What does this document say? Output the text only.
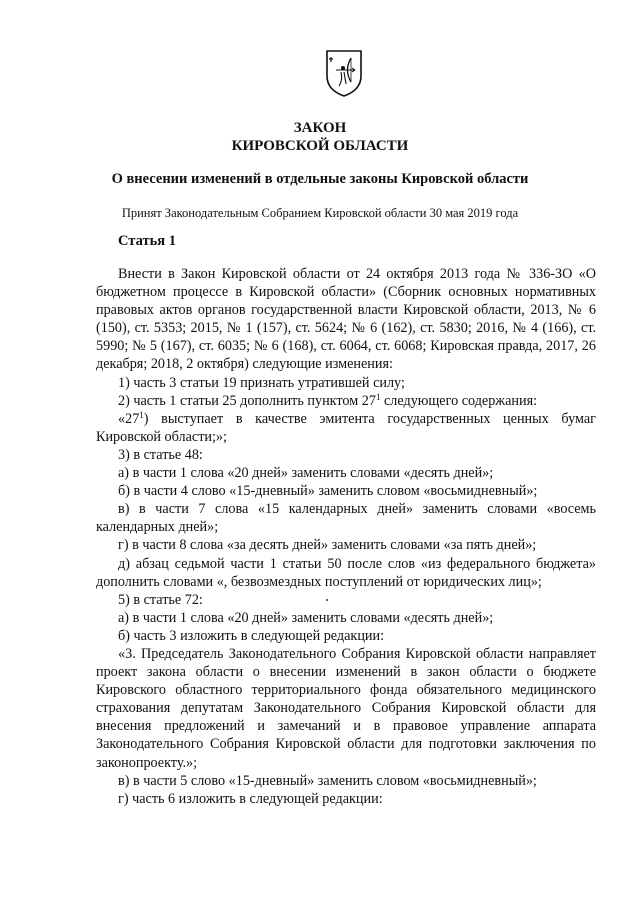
ЗАКОН
КИРОВСКОЙ ОБЛАСТИ
О внесении изменений в отдельные законы Кировской области
Принят Законодательным Собранием Кировской области 30 мая 2019 года
Статья 1

Внести в Закон Кировской области от 24 октября 2013 года № 336-ЗО «О бюджетном процессе в Кировской области» (Сборник основных нормативных правовых актов органов государственной власти Кировской области, 2013, № 6 (150), ст. 5353; 2015, № 1 (157), ст. 5624; № 6 (162), ст. 5830; 2016, № 4 (166), ст. 5990; № 5 (167), ст. 6035; № 6 (168), ст. 6064, ст. 6068; Кировская правда, 2017, 26 декабря; 2018, 2 октября) следующие изменения:

1) часть 3 статьи 19 признать утратившей силу;

2) часть 1 статьи 25 дополнить пунктом $27^1$ следующего содержания:

«$27^1$) выступает в качестве эмитента государственных ценных бумаг Кировской области;»;

3) в статье 48:

а) в части 1 слова «20 дней» заменить словами «десять дней»;

б) в части 4 слово «15-дневный» заменить словом «восьмидневный»;

в) в части 7 слова «15 календарных дней» заменить словами «восемь календарных дней»;

г) в части 8 слова «за десять дней» заменить словами «за пять дней»;

д) абзац седьмой части 1 статьи 50 после слов «из федерального бюджета» дополнить словами «, безвозмездных поступлений от юридических лиц»;

5) в статье 72:

а) в части 1 слова «20 дней» заменить словами «десять дней»;

б) часть 3 изложить в следующей редакции:

«3. Председатель Законодательного Собрания Кировской области направляет проект закона области о внесении изменений в закон области о бюджете Кировского областного территориального фонда обязательного медицинского страхования депутатам Законодательного Собрания Кировской области для внесения предложений и замечаний и в правовое управление аппарата Законодательного Собрания Кировской области для подготовки заключения по законопроекту.»;

в) в части 5 слово «15-дневный» заменить словом «восьмидневный»;

г) часть 6 изложить в следующей редакции:
